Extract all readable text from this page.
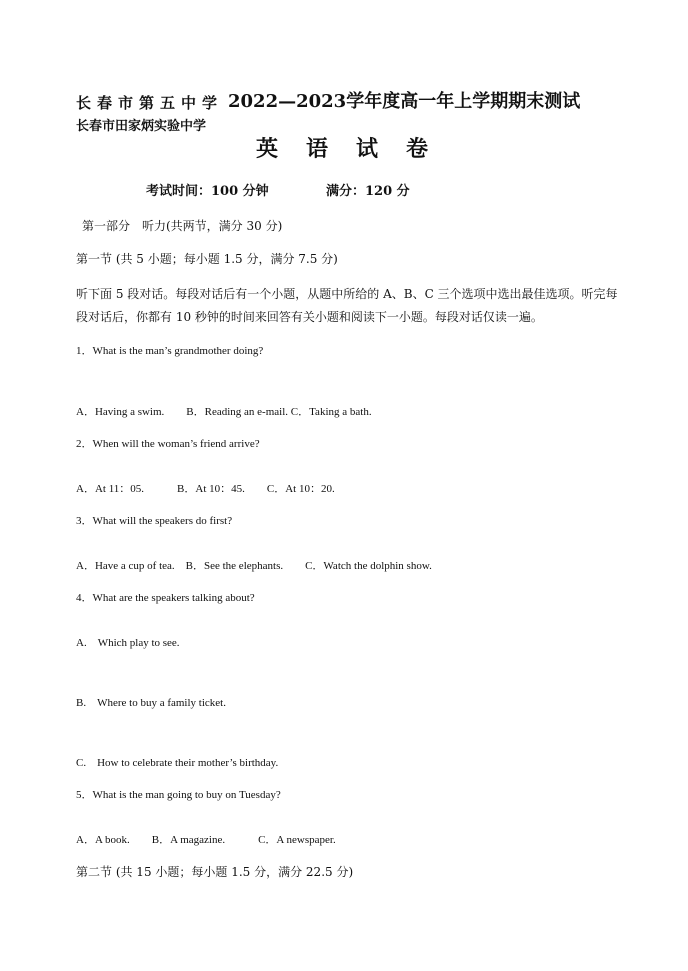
长春市第五中学 2022—2023学年度高一年上学期期末测试
长春市田家炳实验中学
英语试卷
考试时间：100 分钟	满分：120 分
第一部分　听力(共两节，满分 30 分)
第一节 (共 5 小题；每小题 1.5 分，满分 7.5 分)
听下面 5 段对话。每段对话后有一个小题，从题中所给的 A、B、C 三个选项中选出最佳选项。听完每段对话后，你都有 10 秒钟的时间来回答有关小题和阅读下一小题。每段对话仅读一遍。
1．What is the man’s grandmother doing?
A．Having a swim.　　B．Reading an e-mail. C．Taking a bath.
2．When will the woman’s friend arrive?
A．At 11：05.　　　B．At 10：45.　　C．At 10：20.
3．What will the speakers do first?
A．Have a cup of tea.　B．See the elephants.　　C．Watch the dolphin show.
4．What are the speakers talking about?
A.　Which play to see.
B.　Where to buy a family ticket.
C.　How to celebrate their mother’s birthday.
5．What is the man going to buy on Tuesday?
A．A book.　　B．A magazine.　　　C．A newspaper.
第二节 (共 15 小题；每小题 1.5 分，满分 22.5 分)
